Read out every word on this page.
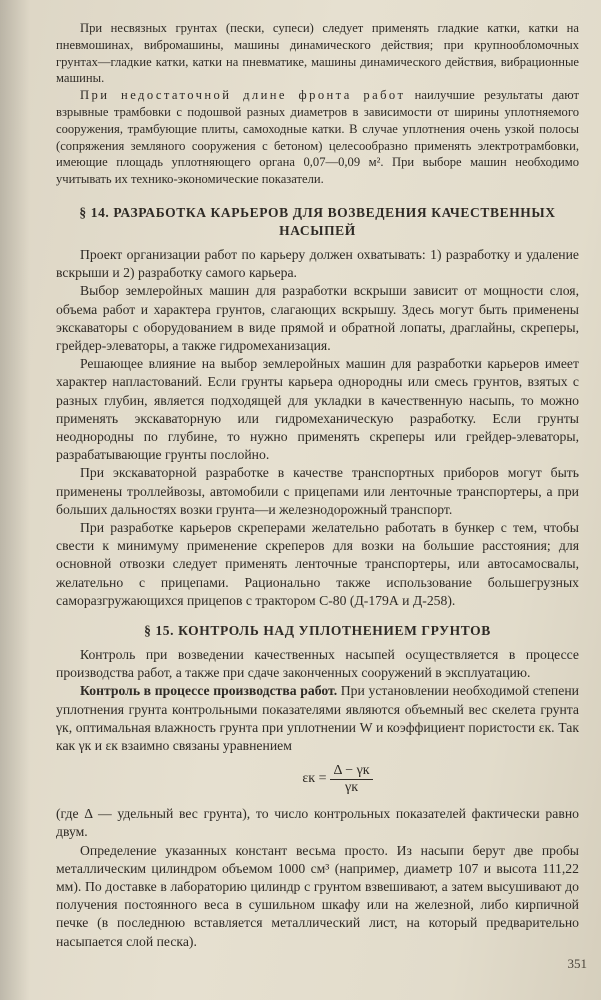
При несвязных грунтах (пески, супеси) следует применять гладкие катки, катки на пневмошинах, вибромашины, машины динамического действия; при крупнообломочных грунтах—гладкие катки, катки на пневматике, машины динамического действия, вибрационные машины.

При недостаточной длине фронта работ наилучшие результаты дают взрывные трамбовки с подошвой разных диаметров в зависимости от ширины уплотняемого сооружения, трамбующие плиты, самоходные катки. В случае уплотнения очень узкой полосы (сопряжения земляного сооружения с бетоном) целесообразно применять электротрамбовки, имеющие площадь уплотняющего органа 0,07—0,09 м². При выборе машин необходимо учитывать их технико-экономические показатели.

§ 14. РАЗРАБОТКА КАРЬЕРОВ ДЛЯ ВОЗВЕДЕНИЯ КАЧЕСТВЕННЫХ НАСЫПЕЙ

Проект организации работ по карьеру должен охватывать: 1) разработку и удаление вскрыши и 2) разработку самого карьера.

Выбор землеройных машин для разработки вскрыши зависит от мощности слоя, объема работ и характера грунтов, слагающих вскрышу. Здесь могут быть применены экскаваторы с оборудованием в виде прямой и обратной лопаты, драглайны, скреперы, грейдер-элеваторы, а также гидромеханизация.

Решающее влияние на выбор землеройных машин для разработки карьеров имеет характер напластований. Если грунты карьера однородны или смесь грунтов, взятых с разных глубин, является подходящей для укладки в качественную насыпь, то можно применять экскаваторную или гидромеханическую разработку. Если грунты неоднородны по глубине, то нужно применять скреперы или грейдер-элеваторы, разрабатывающие грунты послойно.

При экскаваторной разработке в качестве транспортных приборов могут быть применены троллейвозы, автомобили с прицепами или ленточные транспортеры, а при больших дальностях возки грунта—и железнодорожный транспорт.

При разработке карьеров скреперами желательно работать в бункер с тем, чтобы свести к минимуму применение скреперов для возки на большие расстояния; для основной отвозки следует применять ленточные транспортеры, или автосамосвалы, желательно с прицепами. Рационально также использование большегрузных саморазгружающихся прицепов с трактором С-80 (Д-179А и Д-258).

§ 15. КОНТРОЛЬ НАД УПЛОТНЕНИЕМ ГРУНТОВ

Контроль при возведении качественных насыпей осуществляется в процессе производства работ, а также при сдаче законченных сооружений в эксплуатацию.

Контроль в процессе производства работ. При установлении необходимой степени уплотнения грунта контрольными показателями являются объемный вес скелета грунта γк, оптимальная влажность грунта при уплотнении W и коэффициент пористости εк. Так как γк и εк взаимно связаны уравнением

$\varepsilon к = \frac{\Delta - \gamma к}{\gamma к}$

(где Δ — удельный вес грунта), то число контрольных показателей фактически равно двум.

Определение указанных констант весьма просто. Из насыпи берут две пробы металлическим цилиндром объемом 1000 см³ (например, диаметр 107 и высота 111,22 мм). По доставке в лабораторию цилиндр с грунтом взвешивают, а затем высушивают до получения постоянного веса в сушильном шкафу или на железной, либо кирпичной печке (в последнюю вставляется металлический лист, на который предварительно насыпается слой песка).

351
